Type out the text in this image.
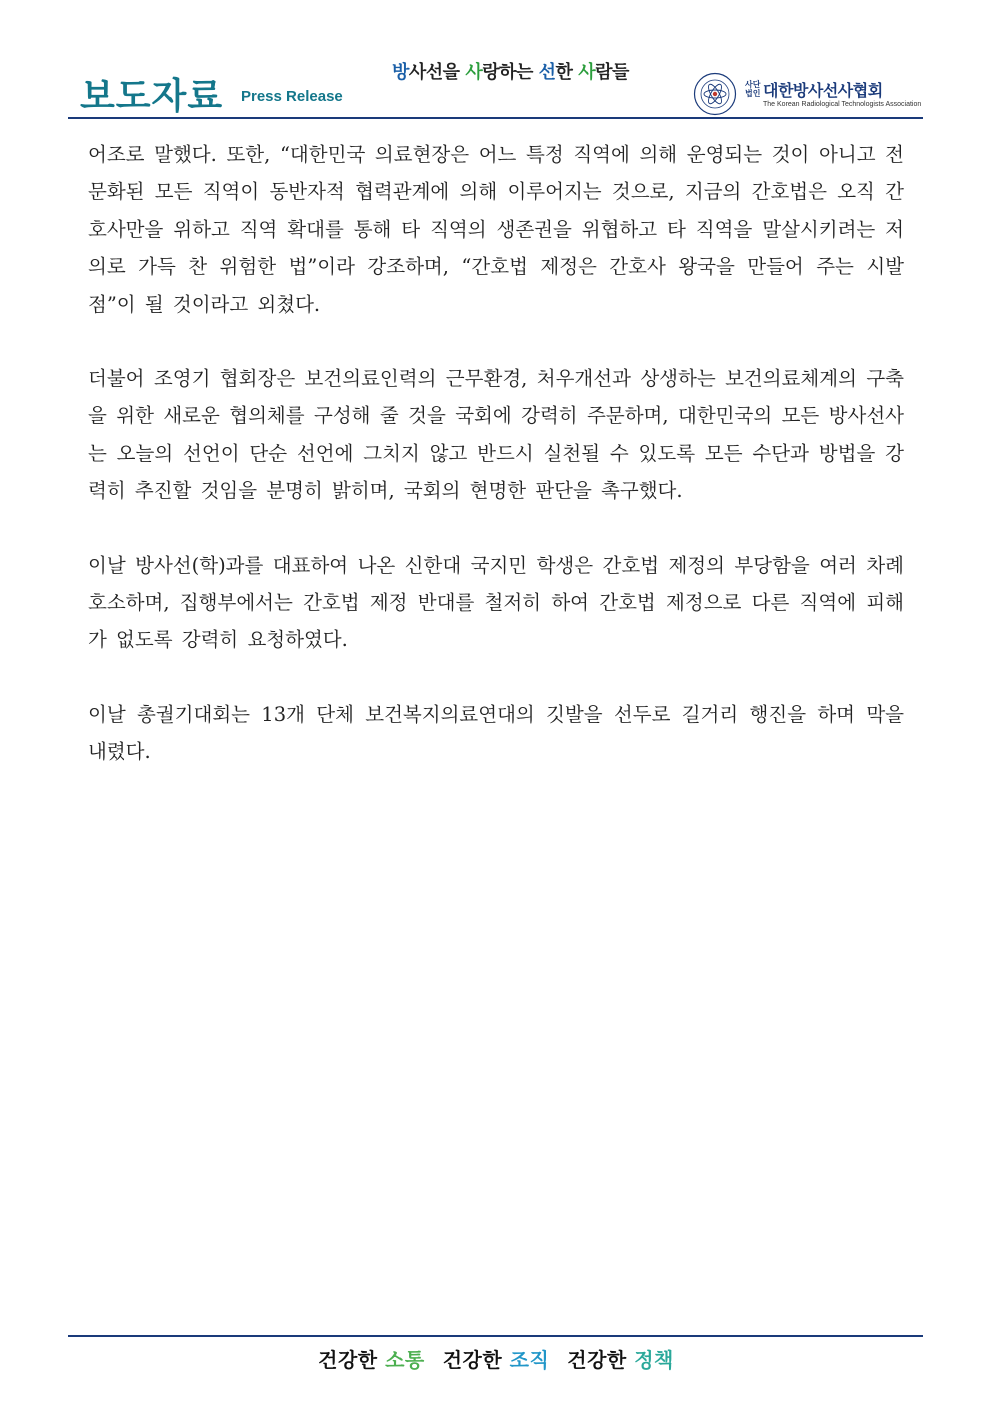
보도자료 Press Release
방사선을 사랑하는 선한 사람들
사단법인 대한방사선사협회
The Korean Radiological Technologists Association

어조로 말했다. 또한, “대한민국 의료현장은 어느 특정 직역에 의해 운영되는 것이 아니고 전문화된 모든 직역이 동반자적 협력관계에 의해 이루어지는 것으로, 지금의 간호법은 오직 간호사만을 위하고 직역 확대를 통해 타 직역의 생존권을 위협하고 타 직역을 말살시키려는 저의로 가득 찬 위험한 법”이라 강조하며, “간호법 제정은 간호사 왕국을 만들어 주는 시발점”이 될 것이라고 외쳤다.

더불어 조영기 협회장은 보건의료인력의 근무환경, 처우개선과 상생하는 보건의료체계의 구축을 위한 새로운 협의체를 구성해 줄 것을 국회에 강력히 주문하며, 대한민국의 모든 방사선사는 오늘의 선언이 단순 선언에 그치지 않고 반드시 실천될 수 있도록 모든 수단과 방법을 강력히 추진할 것임을 분명히 밝히며, 국회의 현명한 판단을 촉구했다.

이날 방사선(학)과를 대표하여 나온 신한대 국지민 학생은 간호법 제정의 부당함을 여러 차례 호소하며, 집행부에서는 간호법 제정 반대를 철저히 하여 간호법 제정으로 다른 직역에 피해가 없도록 강력히 요청하였다.

이날 총궐기대회는 13개 단체 보건복지의료연대의 깃발을 선두로 길거리 행진을 하며 막을 내렸다.

건강한 소통 건강한 조직 건강한 정책
